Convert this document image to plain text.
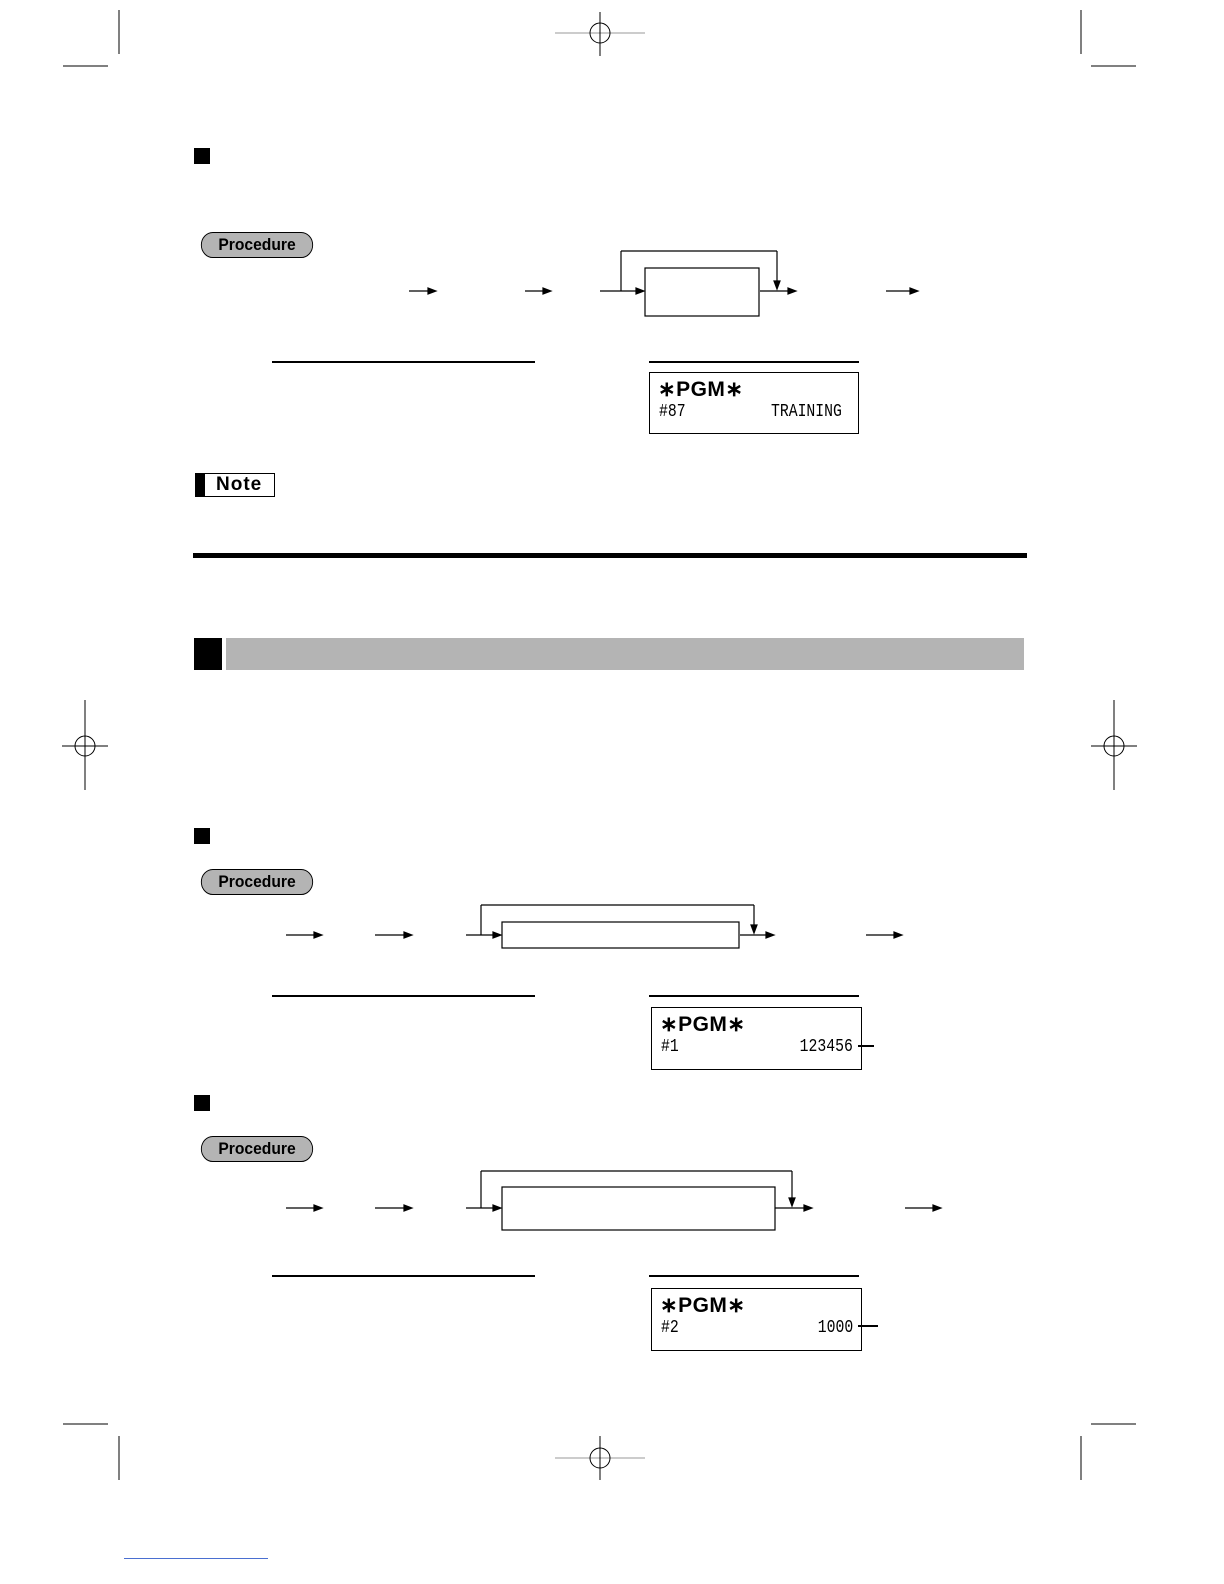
Procedure
∗PGM∗
#87	TRAINING
Note
Procedure
∗PGM∗
#1	123456
Procedure
∗PGM∗
#2	1000
